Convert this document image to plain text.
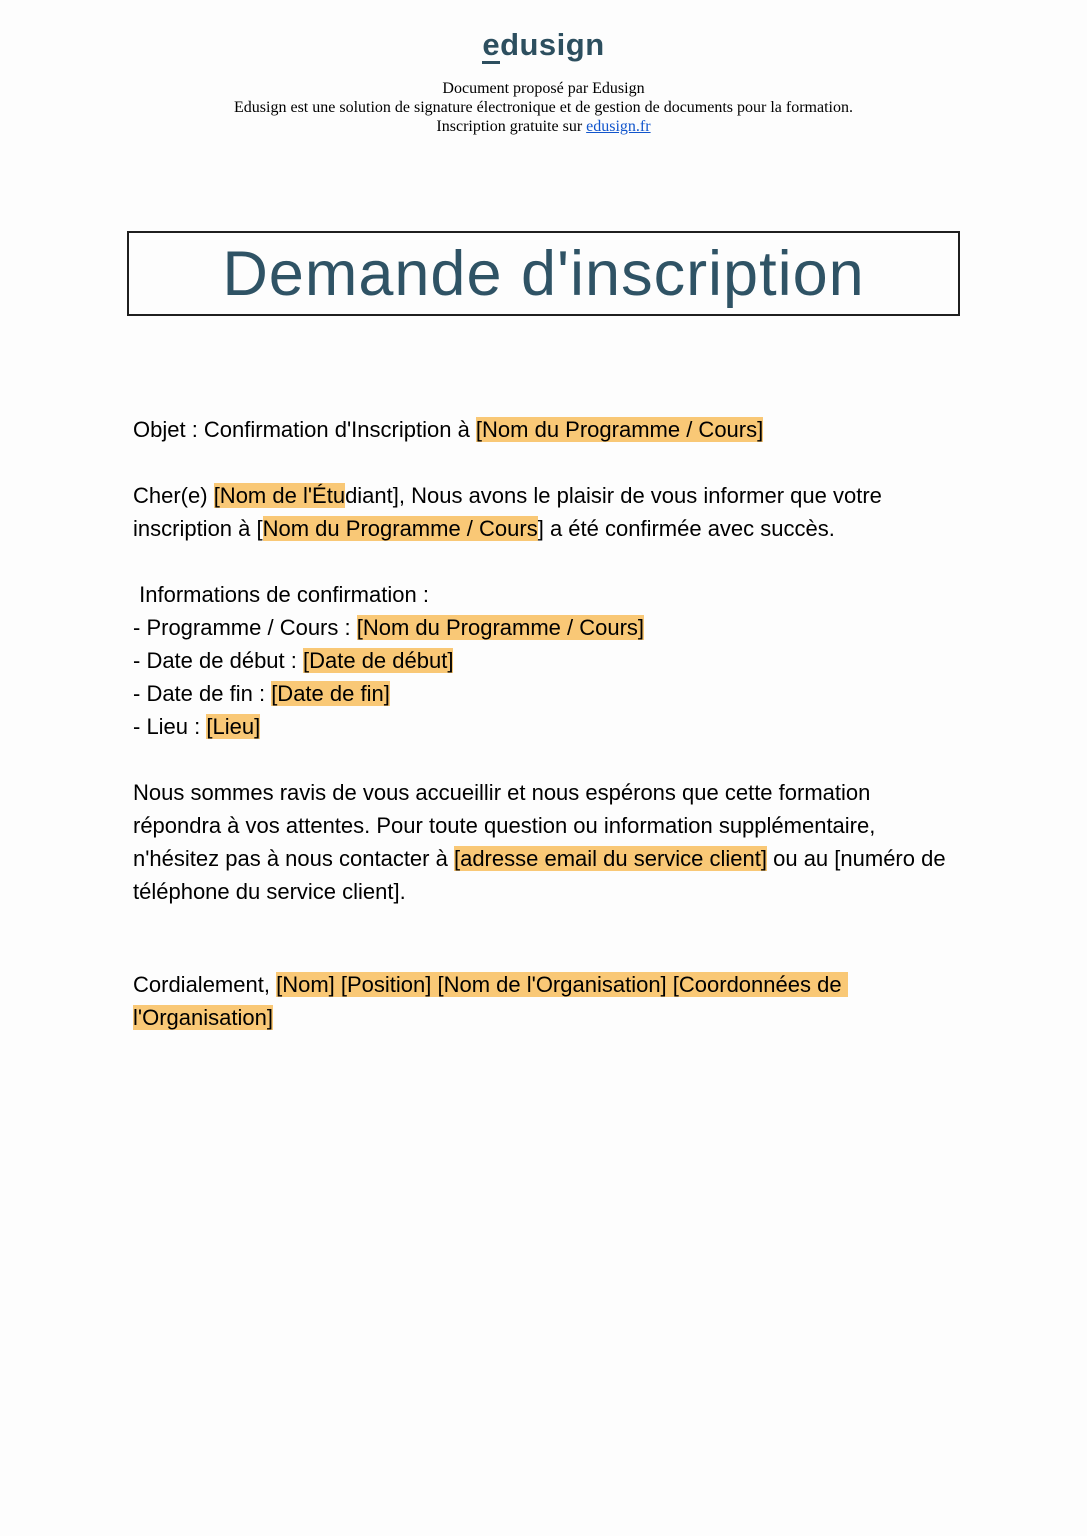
edusign
Document proposé par Edusign
Edusign est une solution de signature électronique et de gestion de documents pour la formation.
Inscription gratuite sur edusign.fr
Demande d'inscription

Objet : Confirmation d'Inscription à [Nom du Programme / Cours]

Cher(e) [Nom de l'Étudiant], Nous avons le plaisir de vous informer que votre inscription à [Nom du Programme / Cours] a été confirmée avec succès.

Informations de confirmation :

- Programme / Cours : [Nom du Programme / Cours]

- Date de début : [Date de début]

- Date de fin : [Date de fin]

- Lieu : [Lieu]

Nous sommes ravis de vous accueillir et nous espérons que cette formation répondra à vos attentes. Pour toute question ou information supplémentaire, n'hésitez pas à nous contacter à [adresse email du service client] ou au [numéro de téléphone du service client].

Cordialement, [Nom] [Position] [Nom de l'Organisation] [Coordonnées de l'Organisation]
